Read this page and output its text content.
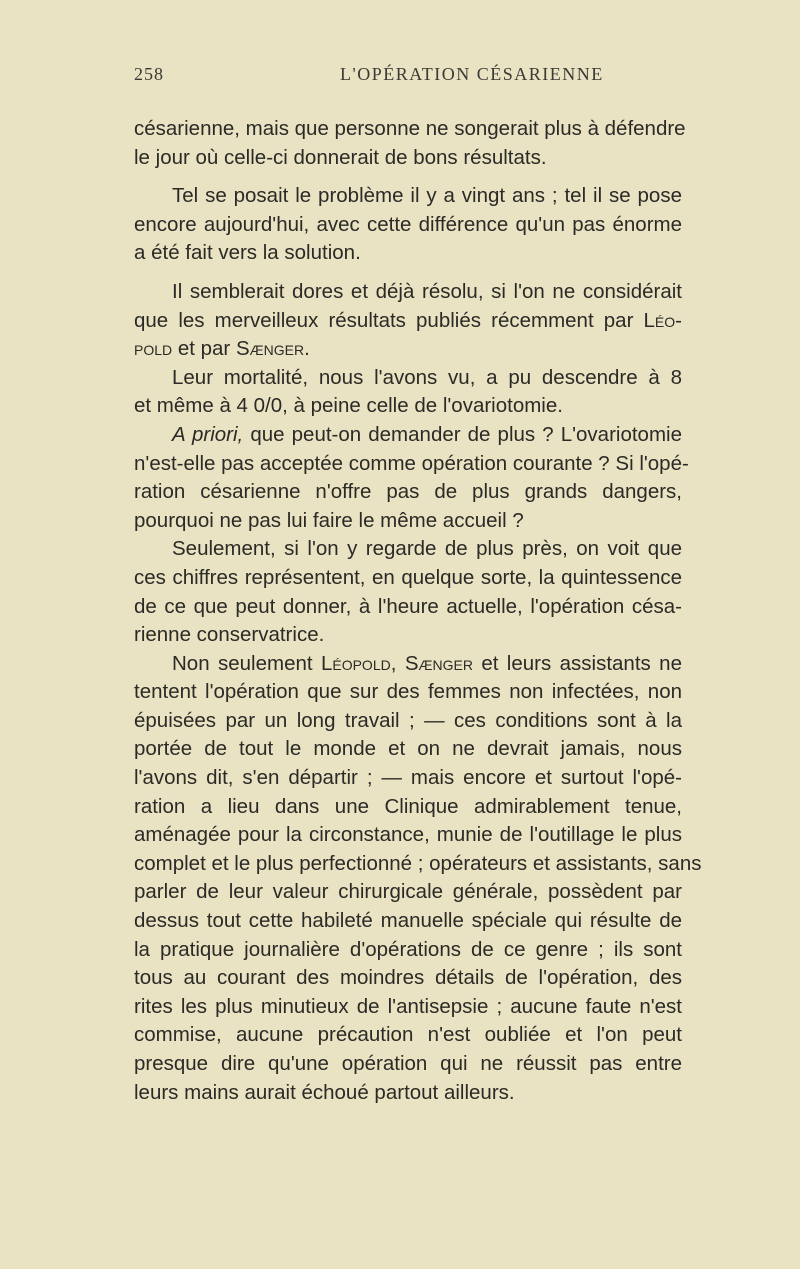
258	L'OPÉRATION CÉSARIENNE
césarienne, mais que personne ne songerait plus à défendre
le jour où celle-ci donnerait de bons résultats.
Tel se posait le problème il y a vingt ans ; tel il se pose
encore aujourd'hui, avec cette différence qu'un pas énorme
a été fait vers la solution.
Il semblerait dores et déjà résolu, si l'on ne considérait
que les merveilleux résultats publiés récemment par Léo-
pold et par Sænger.
Leur mortalité, nous l'avons vu, a pu descendre à 8
et même à 4 0/0, à peine celle de l'ovariotomie.
A priori, que peut-on demander de plus ? L'ovariotomie
n'est-elle pas acceptée comme opération courante ? Si l'opé-
ration césarienne n'offre pas de plus grands dangers,
pourquoi ne pas lui faire le même accueil ?
Seulement, si l'on y regarde de plus près, on voit que
ces chiffres représentent, en quelque sorte, la quintessence
de ce que peut donner, à l'heure actuelle, l'opération césa-
rienne conservatrice.
Non seulement Léopold, Sænger et leurs assistants ne
tentent l'opération que sur des femmes non infectées, non
épuisées par un long travail ; — ces conditions sont à la
portée de tout le monde et on ne devrait jamais, nous
l'avons dit, s'en départir ; — mais encore et surtout l'opé-
ration a lieu dans une Clinique admirablement tenue,
aménagée pour la circonstance, munie de l'outillage le plus
complet et le plus perfectionné ; opérateurs et assistants, sans
parler de leur valeur chirurgicale générale, possèdent par
dessus tout cette habileté manuelle spéciale qui résulte de
la pratique journalière d'opérations de ce genre ; ils sont
tous au courant des moindres détails de l'opération, des
rites les plus minutieux de l'antisepsie ; aucune faute n'est
commise, aucune précaution n'est oubliée et l'on peut
presque dire qu'une opération qui ne réussit pas entre
leurs mains aurait échoué partout ailleurs.
